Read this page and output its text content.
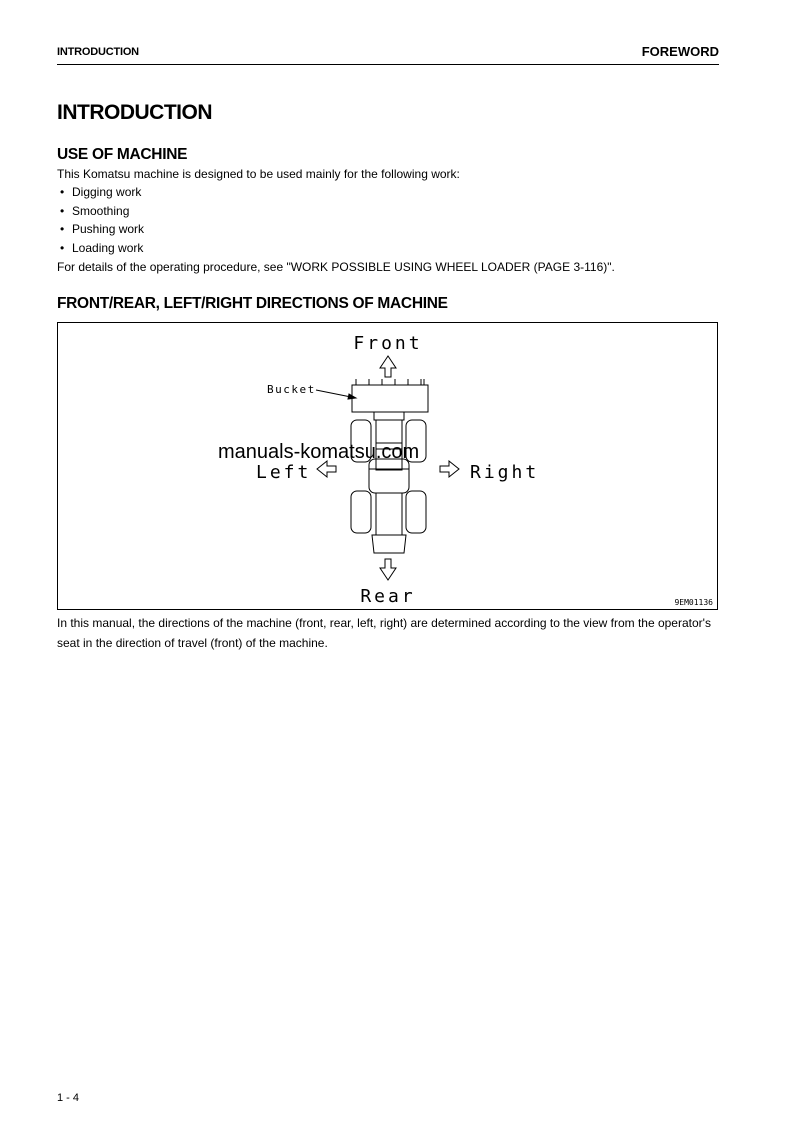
INTRODUCTION	FOREWORD
INTRODUCTION
USE OF MACHINE
This Komatsu machine is designed to be used mainly for the following work:
• Digging work
• Smoothing
• Pushing work
• Loading work
For details of the operating procedure, see "WORK POSSIBLE USING WHEEL LOADER (PAGE 3-116)".
FRONT/REAR, LEFT/RIGHT DIRECTIONS OF MACHINE
Front
Rear
Left	Right
Bucket
9EM01136
manuals-komatsu.com
In this manual, the directions of the machine (front, rear, left, right) are determined according to the view from the operator's seat in the direction of travel (front) of the machine.
1 - 4
